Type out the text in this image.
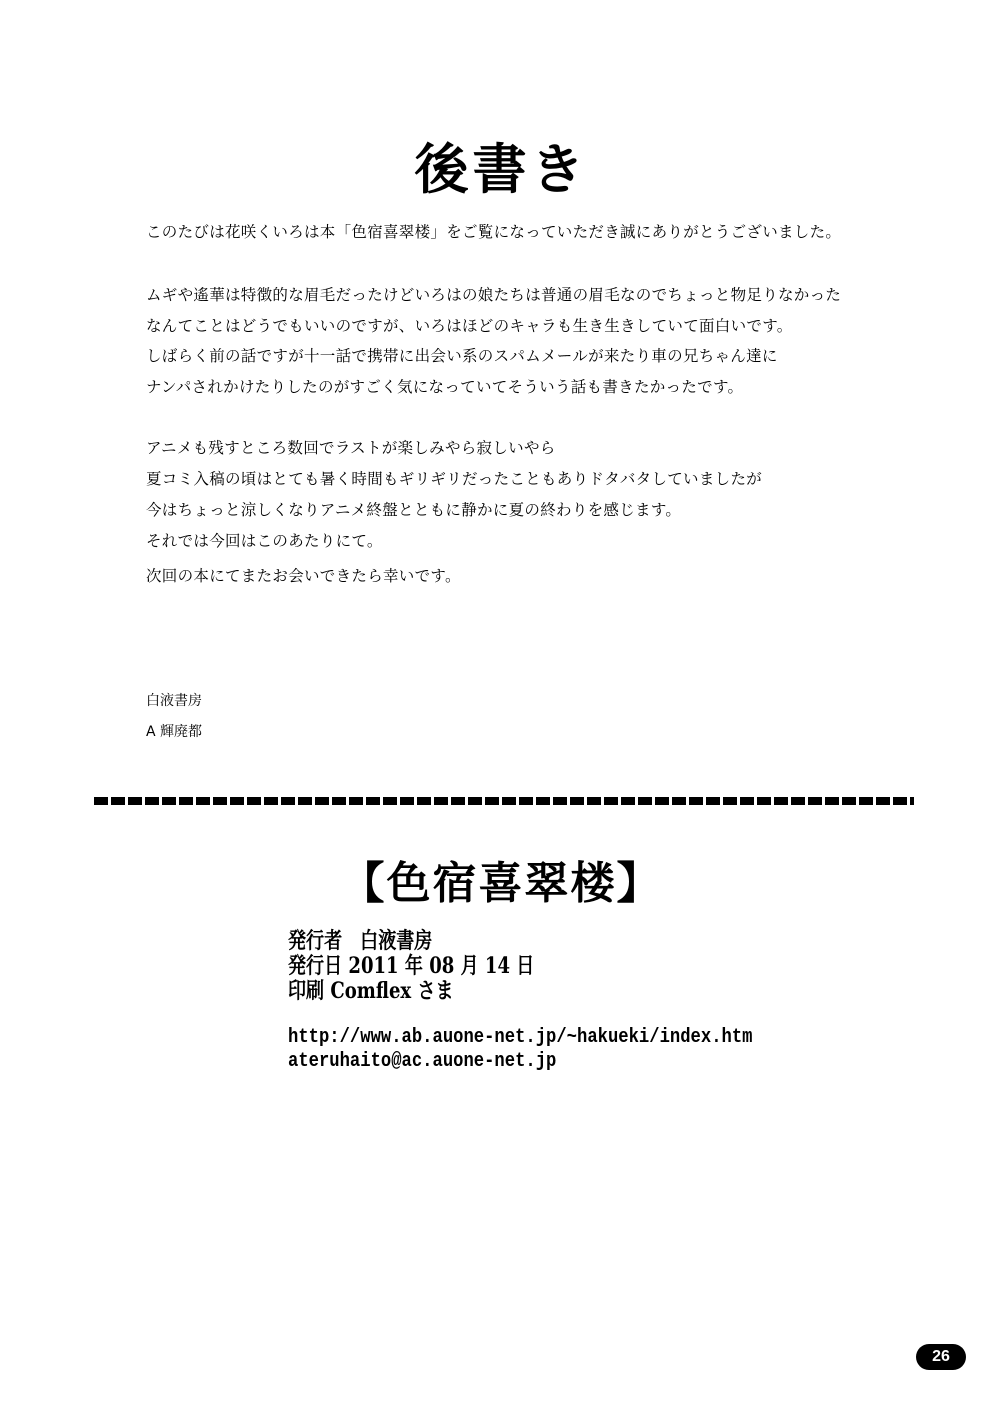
後書き
このたびは花咲くいろは本「色宿喜翠楼」をご覧になっていただき誠にありがとうございました。
ムギや遙華は特徴的な眉毛だったけどいろはの娘たちは普通の眉毛なのでちょっと物足りなかった
なんてことはどうでもいいのですが、いろはほどのキャラも生き生きしていて面白いです。
しばらく前の話ですが十一話で携帯に出会い系のスパムメールが来たり車の兄ちゃん達に
ナンパされかけたりしたのがすごく気になっていてそういう話も書きたかったです。
アニメも残すところ数回でラストが楽しみやら寂しいやら
夏コミ入稿の頃はとても暑く時間もギリギリだったこともありドタバタしていましたが
今はちょっと涼しくなりアニメ終盤とともに静かに夏の終わりを感じます。
それでは今回はこのあたりにて。
次回の本にてまたお会いできたら幸いです。
白液書房
A 輝廃都
【色宿喜翠楼】
発行者　白液書房
発行日 2011 年 08 月 14 日
印刷 Comflex さま
http://www.ab.auone-net.jp/~hakueki/index.htm
ateruhaito@ac.auone-net.jp
26
